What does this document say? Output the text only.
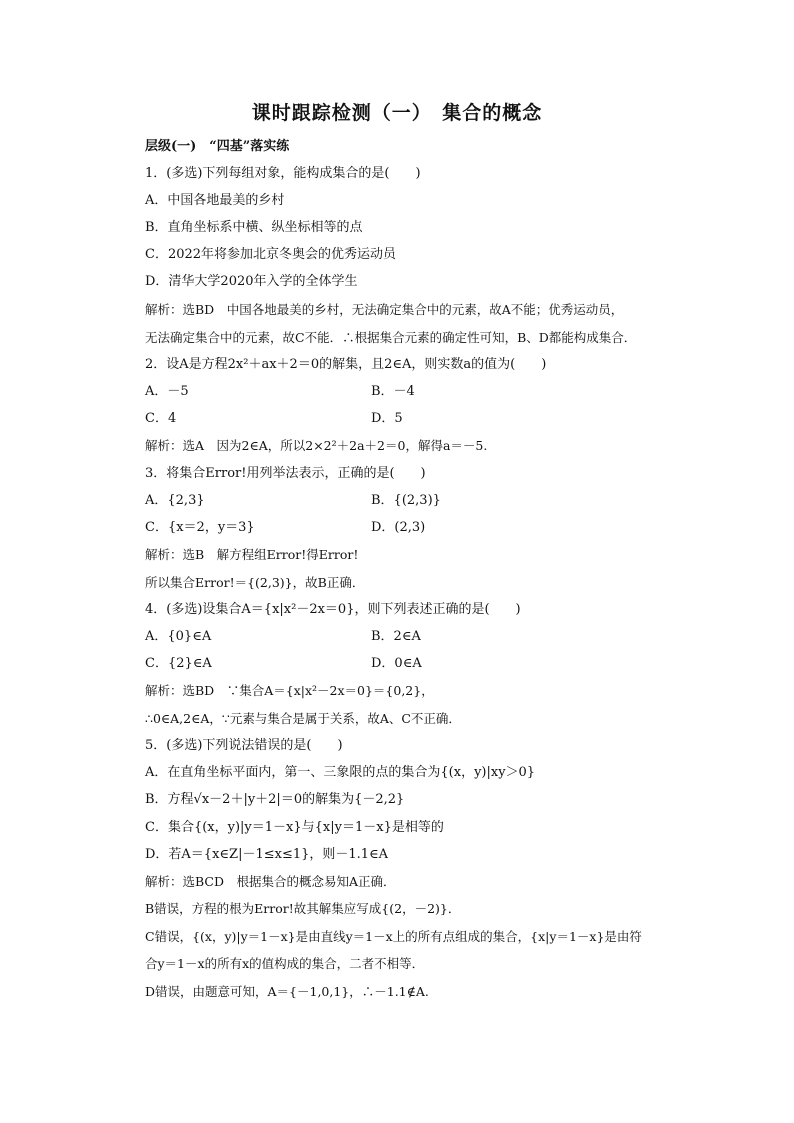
课时跟踪检测（一）　集合的概念
层级(一)　“四基”落实练
1．(多选)下列每组对象，能构成集合的是(　　)
A．中国各地最美的乡村
B．直角坐标系中横、纵坐标相等的点
C．2022年将参加北京冬奥会的优秀运动员
D．清华大学2020年入学的全体学生
解析：选BD　中国各地最美的乡村，无法确定集合中的元素，故A不能；优秀运动员，
无法确定集合中的元素，故C不能．∴根据集合元素的确定性可知，B、D都能构成集合．
2．设A是方程2x²＋ax＋2＝0的解集，且2∈A，则实数a的值为(　　)
A．－5	B．－4
C．4	D．5
解析：选A　因为2∈A，所以2×2²＋2a＋2＝0，解得a＝－5.
3．将集合Error!用列举法表示，正确的是(　　)
A．{2,3}	B．{(2,3)}
C．{x＝2，y＝3}	D．(2,3)
解析：选B　解方程组Error!得Error!
所以集合Error!＝{(2,3)}，故B正确．
4．(多选)设集合A＝{x|x²－2x＝0}，则下列表述正确的是(　　)
A．{0}∈A	B．2∈A
C．{2}∈A	D．0∈A
解析：选BD　∵集合A＝{x|x²－2x＝0}＝{0,2}，
∴0∈A,2∈A，∵元素与集合是属于关系，故A、C不正确．
5．(多选)下列说法错误的是(　　)
A．在直角坐标平面内，第一、三象限的点的集合为{(x，y)|xy＞0}
B．方程√x－2＋|y＋2|＝0的解集为{－2,2}
C．集合{(x，y)|y＝1－x}与{x|y＝1－x}是相等的
D．若A＝{x∈Z|－1≤x≤1}，则－1.1∈A
解析：选BCD　根据集合的概念易知A正确．
B错误，方程的根为Error!故其解集应写成{(2，－2)}．
C错误，{(x，y)|y＝1－x}是由直线y＝1－x上的所有点组成的集合，{x|y＝1－x}是由符
合y＝1－x的所有x的值构成的集合，二者不相等．
D错误，由题意可知，A＝{－1,0,1}，∴－1.1∉A.
